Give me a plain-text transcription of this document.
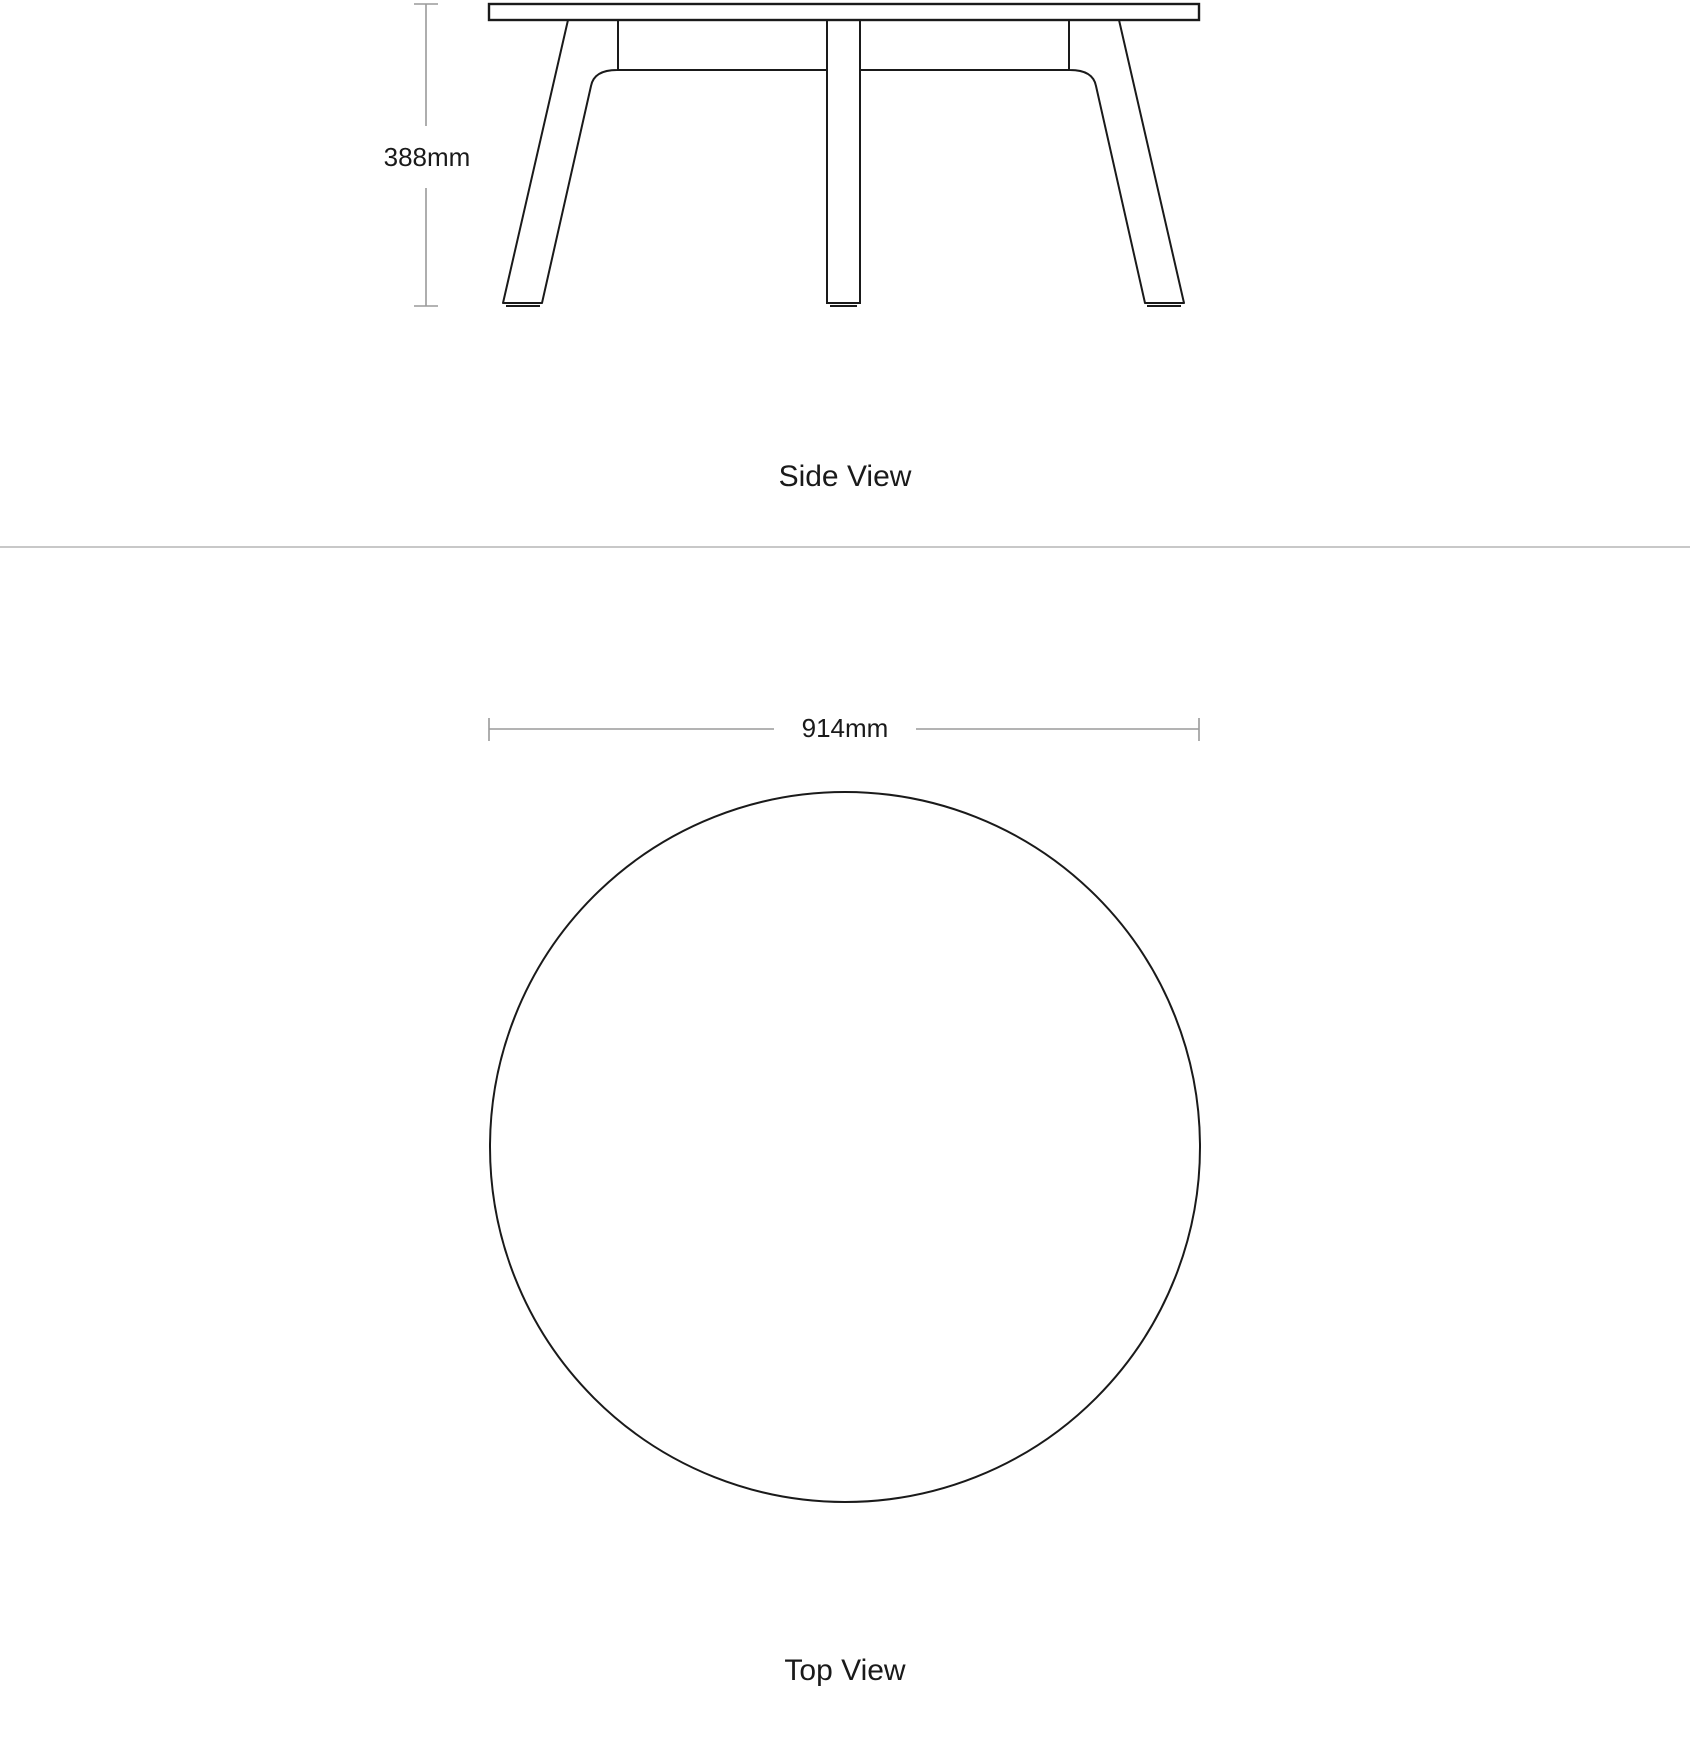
388mm
Side View
914mm
Top View
